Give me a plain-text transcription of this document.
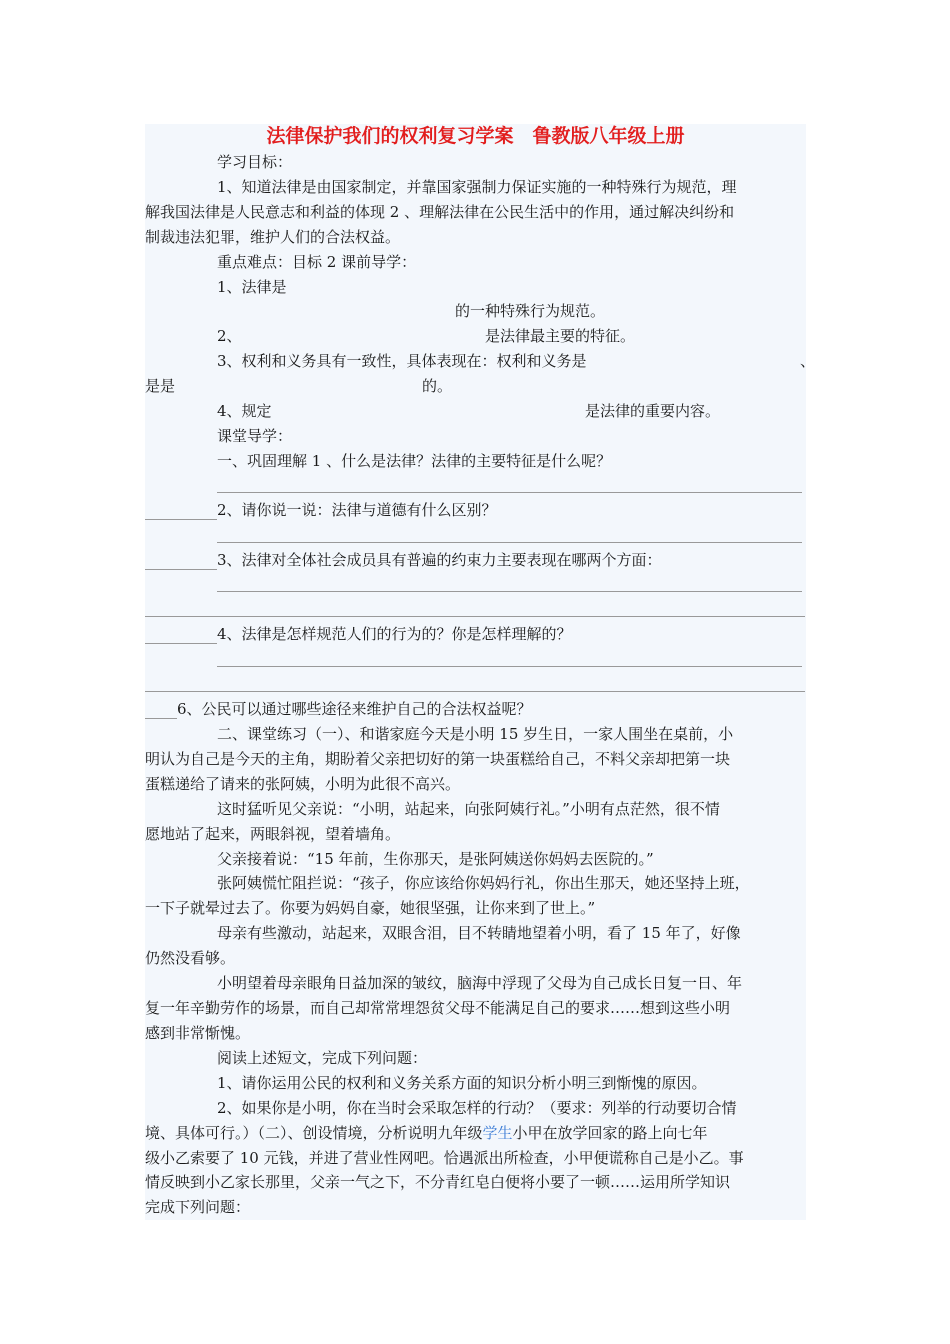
法律保护我们的权利复习学案　鲁教版八年级上册
学习目标：
1、知道法律是由国家制定，并靠国家强制力保证实施的一种特殊行为规范，理
解我国法律是人民意志和利益的体现 2 、理解法律在公民生活中的作用，通过解决纠纷和
制裁违法犯罪，维护人们的合法权益。
重点难点：目标 2 课前导学：
1、法律是
的一种特殊行为规范。
2、	是法律最主要的特征。
3、权利和义务具有一致性，具体表现在：权利和义务是	、
是是	的。
4、规定	是法律的重要内容。
课堂导学：
一、巩固理解 1 、什么是法律？法律的主要特征是什么呢？
2、请你说一说：法律与道德有什么区别？
3、法律对全体社会成员具有普遍的约束力主要表现在哪两个方面：
4、法律是怎样规范人们的行为的？你是怎样理解的？
6、公民可以通过哪些途径来维护自己的合法权益呢？
二、课堂练习（一）、和谐家庭今天是小明 15 岁生日，一家人围坐在桌前，小
明认为自己是今天的主角，期盼着父亲把切好的第一块蛋糕给自己，不料父亲却把第一块
蛋糕递给了请来的张阿姨，小明为此很不高兴。
这时猛听见父亲说：“小明，站起来，向张阿姨行礼。”小明有点茫然，很不情
愿地站了起来，两眼斜视，望着墙角。
父亲接着说：“15 年前，生你那天，是张阿姨送你妈妈去医院的。”
张阿姨慌忙阻拦说：“孩子，你应该给你妈妈行礼，你出生那天，她还坚持上班，
一下子就晕过去了。你要为妈妈自豪，她很坚强，让你来到了世上。”
母亲有些激动，站起来，双眼含泪，目不转睛地望着小明，看了 15 年了，好像
仍然没看够。
小明望着母亲眼角日益加深的皱纹，脑海中浮现了父母为自己成长日复一日、年
复一年辛勤劳作的场景，而自己却常常埋怨贫父母不能满足自己的要求……想到这些小明
感到非常惭愧。
阅读上述短文，完成下列问题：
1、请你运用公民的权利和义务关系方面的知识分析小明三到惭愧的原因。
2、如果你是小明，你在当时会采取怎样的行动？（要求：列举的行动要切合情
境、具体可行。）（二）、创设情境，分析说明九年级学生小甲在放学回家的路上向七年
级小乙索要了 10 元钱，并进了营业性网吧。恰遇派出所检查，小甲便谎称自己是小乙。事
情反映到小乙家长那里，父亲一气之下，不分青红皂白便将小要了一顿……运用所学知识
完成下列问题：
